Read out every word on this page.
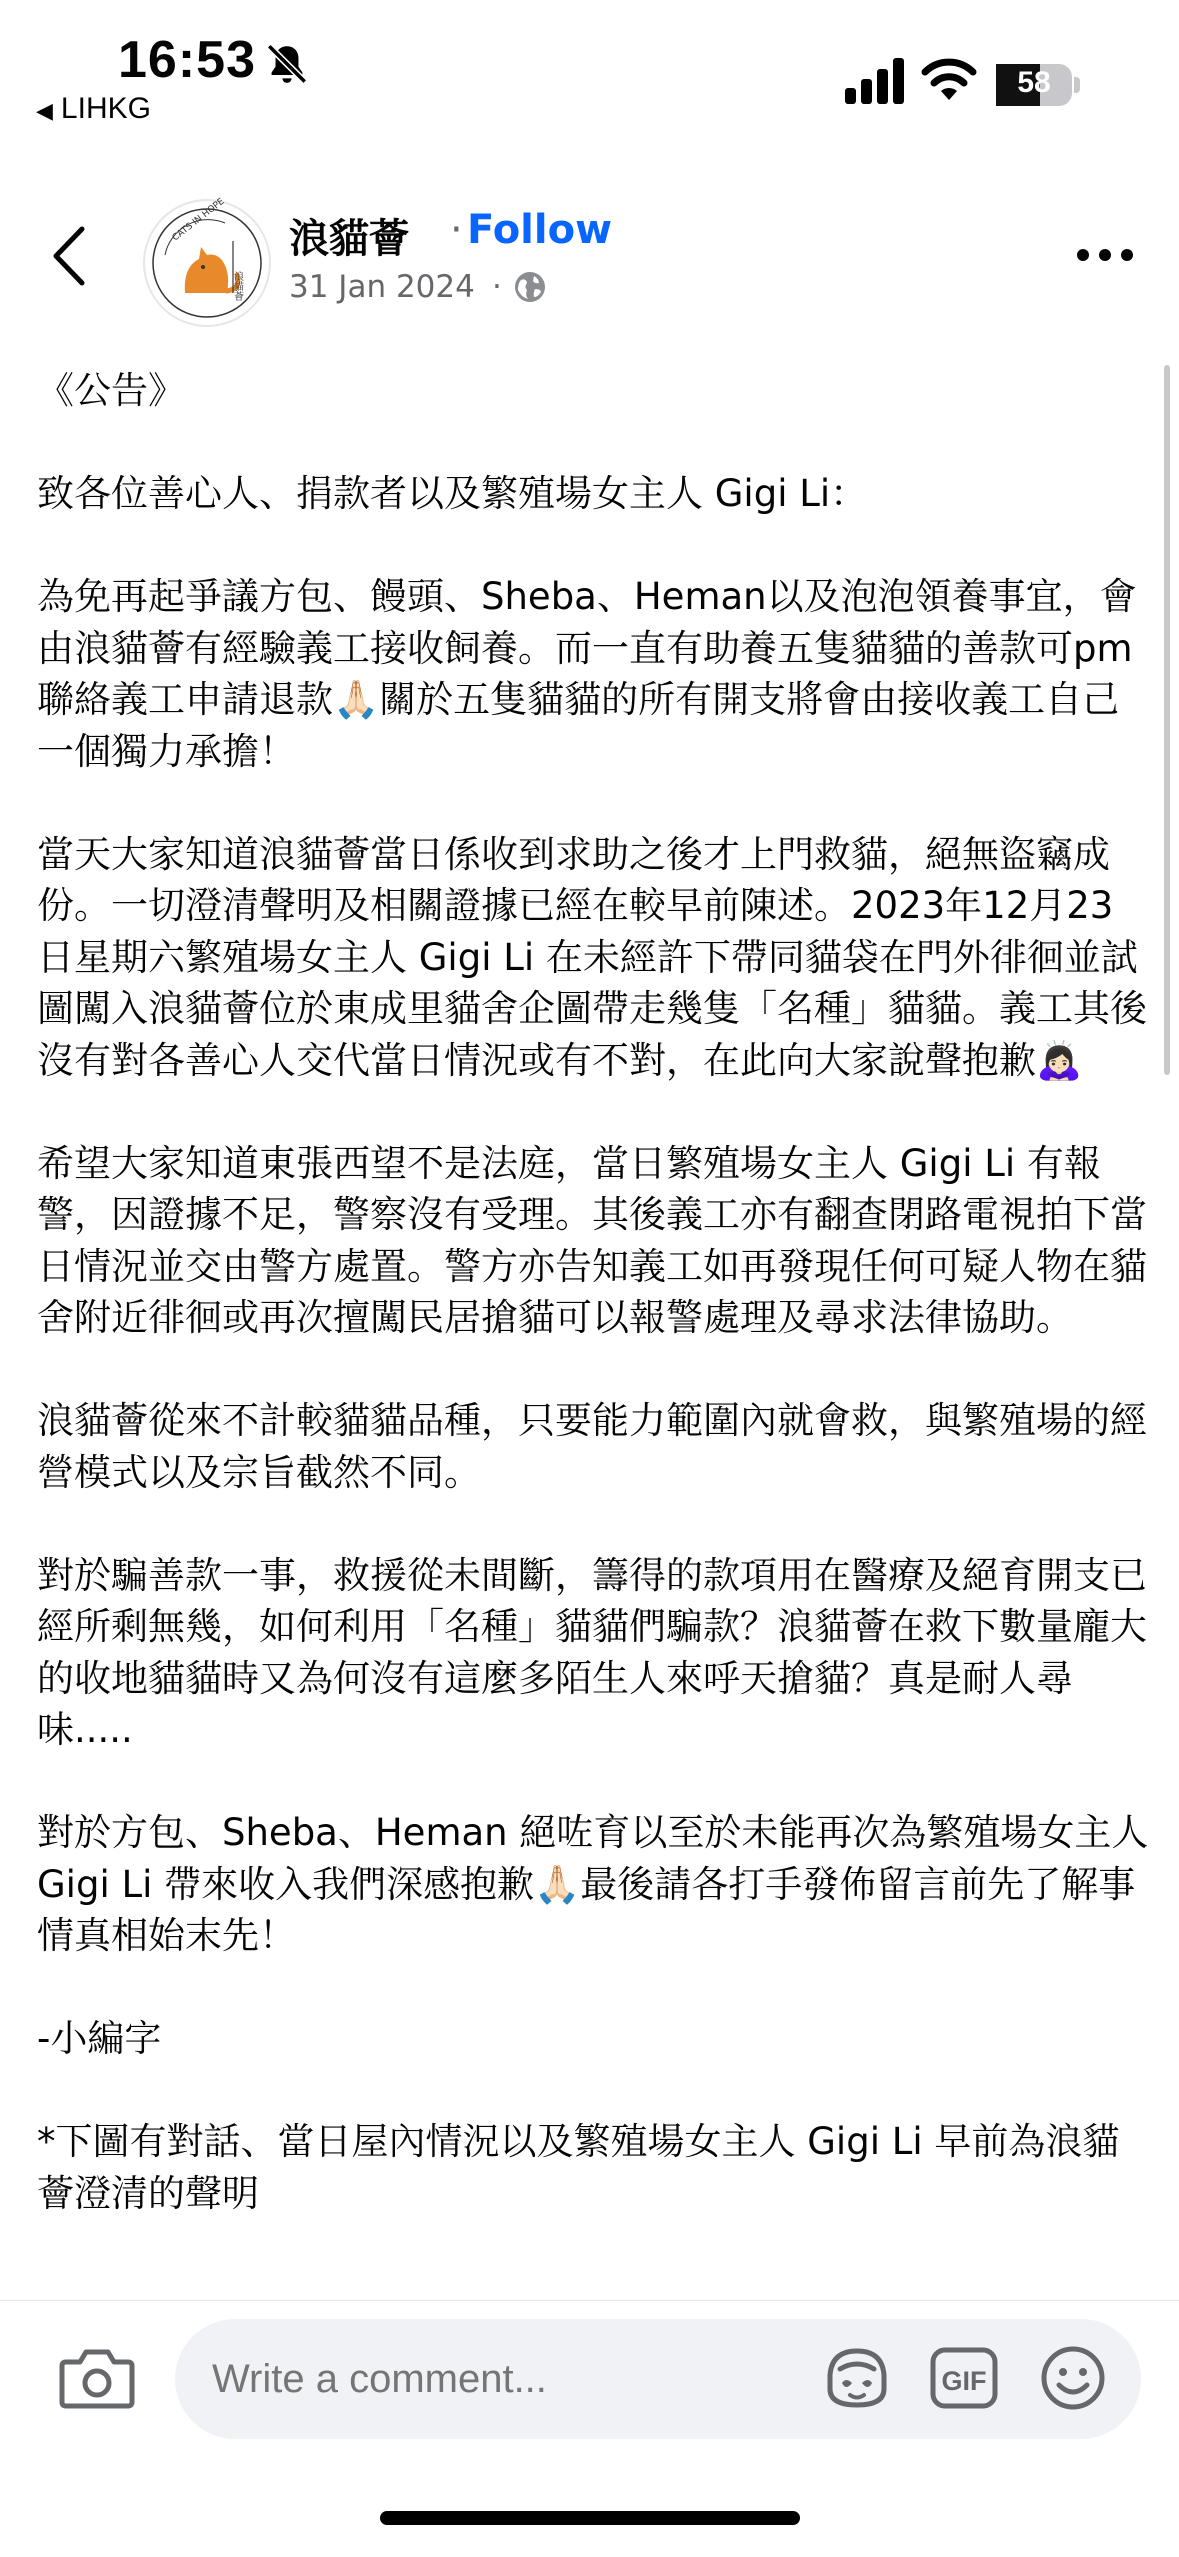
16:53
◀ LIHKG
58
CATS IN HOPE
浪貓薈
浪貓薈 · Follow
31 Jan 2024 ·
《公告》

致各位善心人、捐款者以及繁殖場女主人 Gigi Li：

為免再起爭議方包、饅頭、Sheba、Heman以及泡泡領養事宜，會由浪貓薈有經驗義工接收飼養。而一直有助養五隻貓貓的善款可pm聯絡義工申請退款🙏🏻關於五隻貓貓的所有開支將會由接收義工自己一個獨力承擔！

當天大家知道浪貓薈當日係收到求助之後才上門救貓，絕無盜竊成份。一切澄清聲明及相關證據已經在較早前陳述。2023年12月23日星期六繁殖場女主人 Gigi Li 在未經許下帶同貓袋在門外徘徊並試圖闖入浪貓薈位於東成里貓舍企圖帶走幾隻「名種」貓貓。義工其後沒有對各善心人交代當日情況或有不對，在此向大家說聲抱歉🙇🏻‍♀️

希望大家知道東張西望不是法庭，當日繁殖場女主人 Gigi Li 有報警，因證據不足，警察沒有受理。其後義工亦有翻查閉路電視拍下當日情況並交由警方處置。警方亦告知義工如再發現任何可疑人物在貓舍附近徘徊或再次擅闖民居搶貓可以報警處理及尋求法律協助。

浪貓薈從來不計較貓貓品種，只要能力範圍內就會救，與繁殖場的經營模式以及宗旨截然不同。

對於騙善款一事，救援從未間斷，籌得的款項用在醫療及絕育開支已經所剩無幾，如何利用「名種」貓貓們騙款？浪貓薈在救下數量龐大的收地貓貓時又為何沒有這麼多陌生人來呼天搶貓？真是耐人尋味.....

對於方包、Sheba、Heman 絕咗育以至於未能再次為繁殖場女主人 Gigi Li 帶來收入我們深感抱歉🙏🏻最後請各打手發佈留言前先了解事情真相始末先！

-小編字

*下圖有對話、當日屋內情況以及繁殖場女主人 Gigi Li 早前為浪貓薈澄清的聲明
Write a comment...
GIF
